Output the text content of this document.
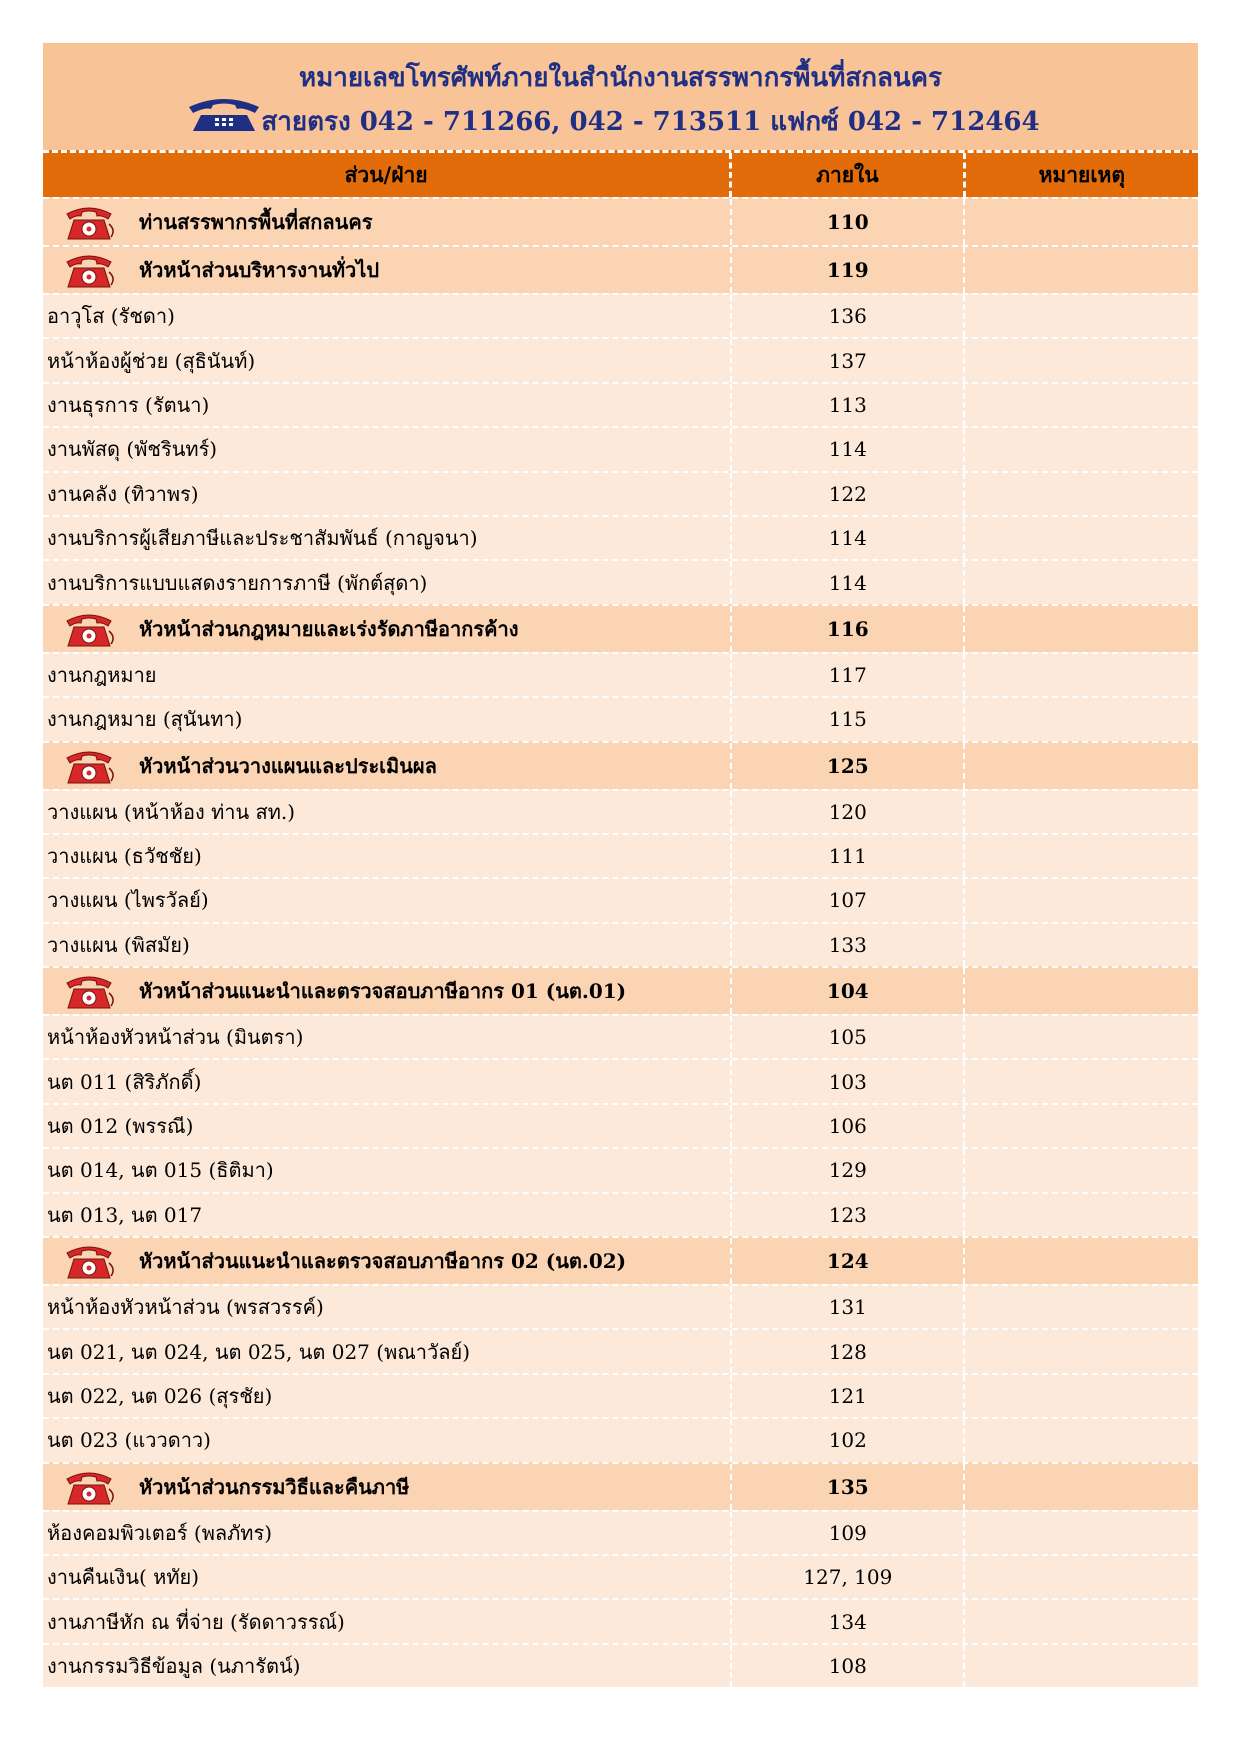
หมายเลขโทรศัพท์ภายในสำนักงานสรรพากรพื้นที่สกลนคร
สายตรง 042 - 711266, 042 - 713511 แฟกซ์ 042 - 712464
ส่วน/ฝ่าย	ภายใน	หมายเหตุ
ท่านสรรพากรพื้นที่สกลนคร	110
หัวหน้าส่วนบริหารงานทั่วไป	119
อาวุโส (รัชดา)	136
หน้าห้องผู้ช่วย (สุธินันท์)	137
งานธุรการ (รัตนา)	113
งานพัสดุ (พัชรินทร์)	114
งานคลัง (ทิวาพร)	122
งานบริการผู้เสียภาษีและประชาสัมพันธ์ (กาญจนา)	114
งานบริการแบบแสดงรายการภาษี (พักต์สุดา)	114
หัวหน้าส่วนกฎหมายและเร่งรัดภาษีอากรค้าง	116
งานกฎหมาย	117
งานกฎหมาย (สุนันทา)	115
หัวหน้าส่วนวางแผนและประเมินผล	125
วางแผน (หน้าห้อง ท่าน สท.)	120
วางแผน (ธวัชชัย)	111
วางแผน (ไพรวัลย์)	107
วางแผน (พิสมัย)	133
หัวหน้าส่วนแนะนำและตรวจสอบภาษีอากร 01 (นต.01)	104
หน้าห้องหัวหน้าส่วน (มินตรา)	105
นต 011 (สิริภักดิ์)	103
นต 012 (พรรณี)	106
นต 014, นต 015 (ธิติมา)	129
นต 013, นต 017	123
หัวหน้าส่วนแนะนำและตรวจสอบภาษีอากร 02 (นต.02)	124
หน้าห้องหัวหน้าส่วน (พรสวรรค์)	131
นต 021, นต 024, นต 025, นต 027 (พณาวัลย์)	128
นต 022, นต 026 (สุรชัย)	121
นต 023 (แววดาว)	102
หัวหน้าส่วนกรรมวิธีและคืนภาษี	135
ห้องคอมพิวเตอร์ (พลภัทร)	109
งานคืนเงิน( หทัย)	127, 109
งานภาษีหัก ณ ที่จ่าย (รัดดาวรรณ์)	134
งานกรรมวิธีข้อมูล (นภารัตน์)	108
